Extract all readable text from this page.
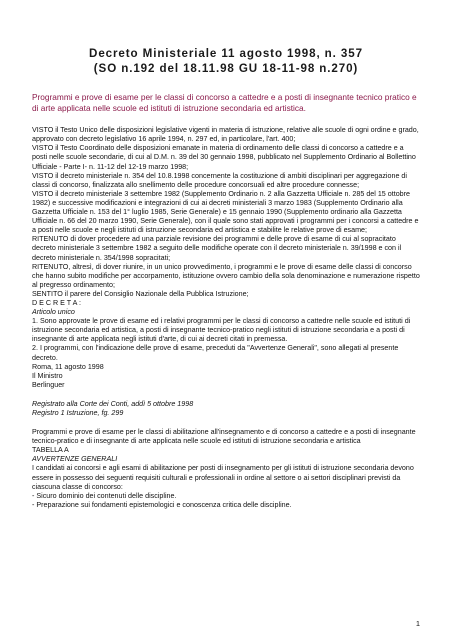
Decreto Ministeriale 11 agosto 1998, n. 357
(SO n.192 del 18.11.98 GU 18-11-98 n.270)

Programmi e prove di esame per le classi di concorso a cattedre e a posti di insegnante tecnico pratico e di arte applicata nelle scuole ed istituti di istruzione secondaria ed artistica.

VISTO il Testo Unico delle disposizioni legislative vigenti in materia di istruzione, relative alle scuole di ogni ordine e grado, approvato con decreto legislativo 16 aprile 1994, n. 297 ed, in particolare, l'art. 400;

VISTO il Testo Coordinato delle disposizioni emanate in materia di ordinamento delle classi di concorso a cattedre e a posti nelle scuole secondarie, di cui al D.M. n. 39 del 30 gennaio 1998, pubblicato nel Supplemento Ordinario al Bollettino Ufficiale - Parte I- n. 11-12 del 12-19 marzo 1998;

VISTO il decreto ministeriale n. 354 del 10.8.1998 concernente la costituzione di ambiti disciplinari per aggregazione di classi di concorso, finalizzata allo snellimento delle procedure concorsuali ed altre procedure connesse;

VISTO il decreto ministeriale 3 settembre 1982 (Supplemento Ordinario n. 2 alla Gazzetta Ufficiale n. 285 del 15 ottobre 1982) e successive modificazioni e integrazioni di cui ai decreti ministeriali 3 marzo 1983 (Supplemento Ordinario alla Gazzetta Ufficiale n. 153 del 1° luglio 1985, Serie Generale) e 15 gennaio 1990 (Supplemento ordinario alla Gazzetta Ufficiale n. 66 del 20 marzo 1990, Serie Generale), con il quale sono stati approvati i programmi per i concorsi a cattedre e a posti nelle scuole e negli istituti di istruzione secondaria ed artistica e stabilite le relative prove di esame;

RITENUTO di dover procedere ad una parziale revisione dei programmi e delle prove di esame di cui al sopracitato decreto ministeriale 3 settembre 1982 a seguito delle modifiche operate con il decreto ministeriale n. 39/1998 e con il decreto ministeriale n. 354/1998 sopracitati;

RITENUTO, altresì, di dover riunire, in un unico provvedimento, i programmi e le prove di esame delle classi di concorso che hanno subito modifiche per accorpamento, istituzione ovvero cambio della sola denominazione e numerazione rispetto al pregresso ordinamento;

SENTITO il parere del Consiglio Nazionale della Pubblica Istruzione;

D E C R E T A :

Articolo unico

1. Sono approvate le prove di esame ed i relativi programmi per le classi di concorso a cattedre nelle scuole ed istituti di istruzione secondaria ed artistica, a posti di insegnante tecnico-pratico negli istituti di istruzione secondaria e a posti di insegnante di arte applicata negli istituti d'arte, di cui ai decreti citati in premessa.

2. I programmi, con l'indicazione delle prove di esame, preceduti da "Avvertenze Generali", sono allegati al presente decreto.

Roma, 11 agosto 1998

Il Ministro

Berlinguer

Registrato alla Corte dei Conti, addì 5 ottobre 1998
Registro 1 Istruzione, fg. 299

Programmi e prove di esame per le classi di abilitazione all'insegnamento e di concorso a cattedre e a posti di insegnante tecnico-pratico e di insegnante di arte applicata nelle scuole ed istituti di istruzione secondaria e artistica

TABELLA A

AVVERTENZE GENERALI

I candidati ai concorsi e agli esami di abilitazione per posti di insegnamento per gli istituti di istruzione secondaria devono essere in possesso dei seguenti requisiti culturali e professionali in ordine al settore o ai settori disciplinari previsti da ciascuna classe di concorso:

- Sicuro dominio dei contenuti delle discipline.

- Preparazione sui fondamenti epistemologici e conoscenza critica delle discipline.

1
